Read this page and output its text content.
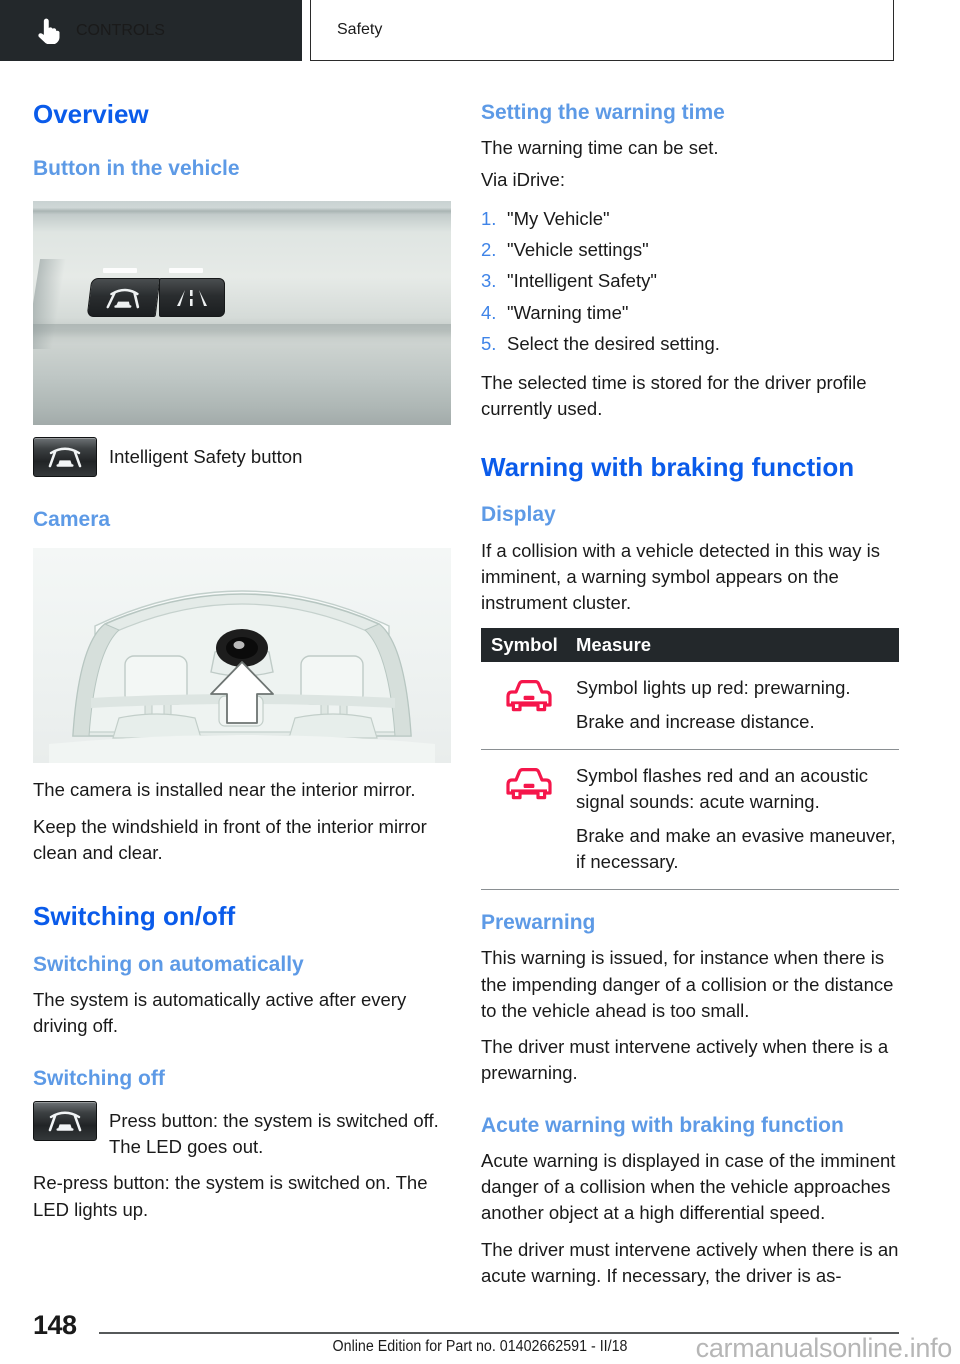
CONTROLS	Safety
Overview
Button in the vehicle
Intelligent Safety button
Camera

The camera is installed near the interior mirror.

Keep the windshield in front of the interior mirror clean and clear.

Switching on/off
Switching on automatically

The system is automatically active after every driving off.

Switching off
Press button: the system is switched off. The LED goes out.

Re-press button: the system is switched on. The LED lights up.

Setting the warning time

The warning time can be set.

Via iDrive:

1. "My Vehicle"
2. "Vehicle settings"
3. "Intelligent Safety"
4. "Warning time"
5. Select the desired setting.

The selected time is stored for the driver profile currently used.

Warning with braking function
Display

If a collision with a vehicle detected in this way is imminent, a warning symbol appears on the instrument cluster.

Symbol Measure

Symbol lights up red: prewarning.

Brake and increase distance.

Symbol flashes red and an acoustic signal sounds: acute warning.

Brake and make an evasive maneuver, if necessary.

Prewarning

This warning is issued, for instance when there is the impending danger of a collision or the distance to the vehicle ahead is too small.

The driver must intervene actively when there is a prewarning.

Acute warning with braking function

Acute warning is displayed in case of the imminent danger of a collision when the vehicle approaches another object at a high differential speed.

The driver must intervene actively when there is an acute warning. If necessary, the driver is as-

148
Online Edition for Part no. 01402662591 - II/18	carmanualsonline.info
